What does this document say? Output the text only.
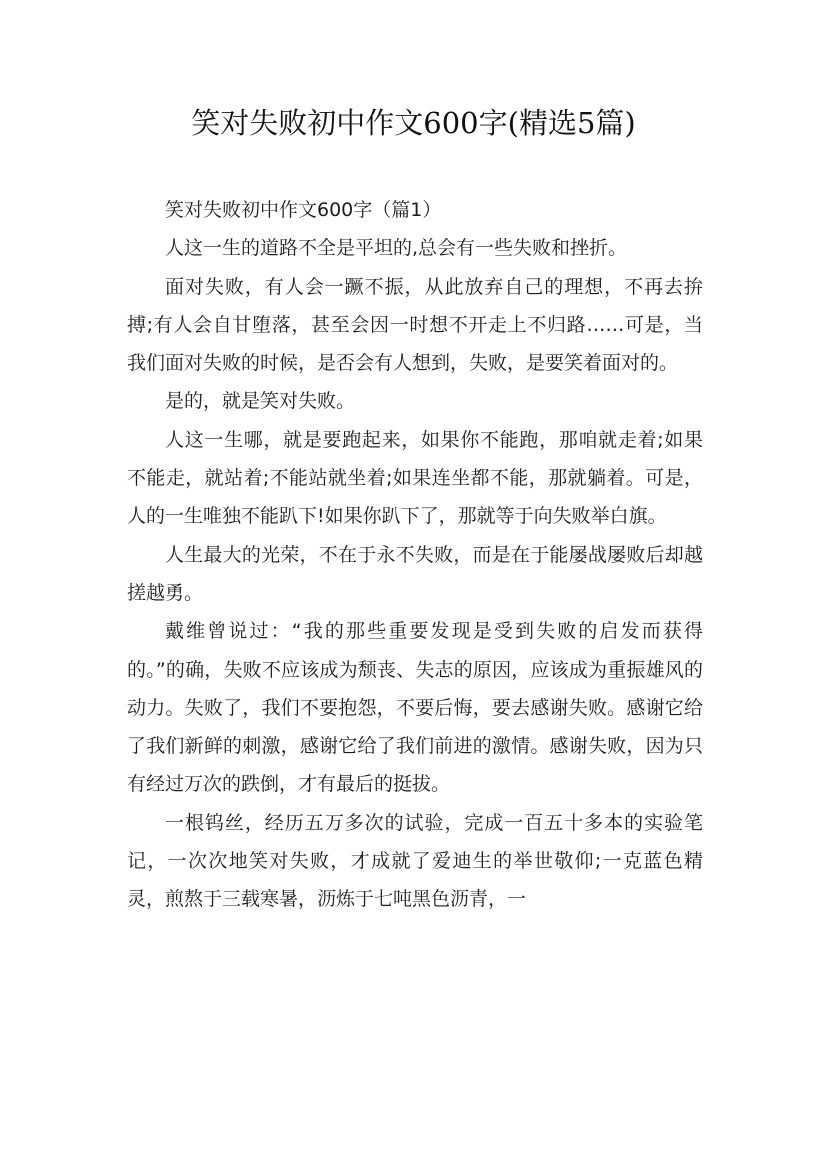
笑对失败初中作文600字(精选5篇)

笑对失败初中作文600字（篇1）

人这一生的道路不全是平坦的,总会有一些失败和挫折。

面对失败，有人会一蹶不振，从此放弃自己的理想，不再去拚搏;有人会自甘堕落，甚至会因一时想不开走上不归路……可是，当我们面对失败的时候，是否会有人想到，失败，是要笑着面对的。

是的，就是笑对失败。

人这一生哪，就是要跑起来，如果你不能跑，那咱就走着;如果不能走，就站着;不能站就坐着;如果连坐都不能，那就躺着。可是，人的一生唯独不能趴下!如果你趴下了，那就等于向失败举白旗。

人生最大的光荣，不在于永不失败，而是在于能屡战屡败后却越搓越勇。

戴维曾说过：“我的那些重要发现是受到失败的启发而获得的。”的确，失败不应该成为颓丧、失志的原因，应该成为重振雄风的动力。失败了，我们不要抱怨，不要后悔，要去感谢失败。感谢它给了我们新鲜的刺激，感谢它给了我们前进的激情。感谢失败，因为只有经过万次的跌倒，才有最后的挺拔。

一根钨丝，经历五万多次的试验，完成一百五十多本的实验笔记，一次次地笑对失败，才成就了爱迪生的举世敬仰;一克蓝色精灵，煎熬于三载寒暑，沥炼于七吨黑色沥青，一
